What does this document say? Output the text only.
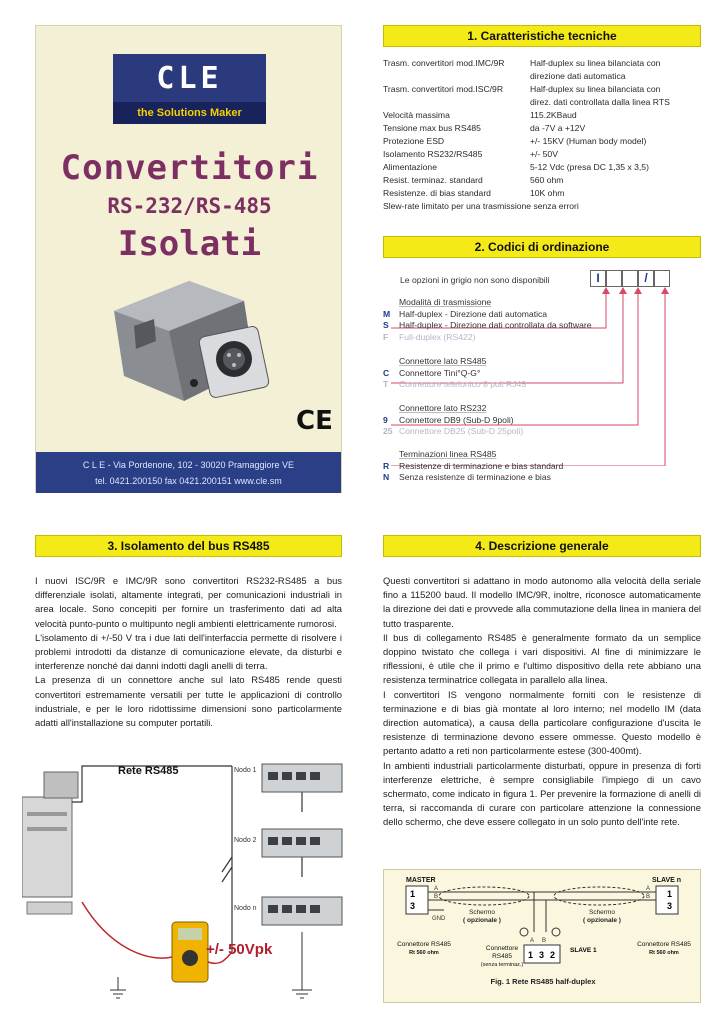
CLE
the Solutions Maker
Convertitori
RS-232/RS-485
Isolati
CE
C L E - Via Pordenone, 102 - 30020 Pramaggiore VE
tel. 0421.200150 fax 0421.200151 www.cle.sm
1. Caratteristiche tecniche
Trasm. convertitori mod.IMC/9R	Half-duplex su linea bilanciata con
direzione dati automatica
Trasm. convertitori mod.ISC/9R	Half-duplex su linea bilanciata con
direz. dati controllata dalla linea RTS
Velocità massima	115.2KBaud
Tensione max bus RS485	da -7V a +12V
Protezione ESD	+/- 15KV (Human body model)
Isolamento RS232/RS485	+/- 50V
Alimentazione	5-12 Vdc (presa DC 1,35 x 3,5)
Resist. terminaz. standard	560 ohm
Resistenze. di bias standard	10K ohm
Slew-rate limitato per una trasmissione senza errori
2. Codici di ordinazione
Le opzioni in grigio non sono disponibili	I	/
Modalità di trasmissione
M	Half-duplex - Direzione dati automatica
S	Half-duplex - Direzione dati controllata da software
F	Full-duplex (RS422)
Connettore lato RS485
C	Connettore Tini°Q-G°
T	Connettore telefonico 8 poli RJ45
Connettore lato RS232
9	Connettore DB9 (Sub-D 9poli)
25 Connettore DB25 (Sub-D 25poli)
Terminazioni linea RS485
R	Resistenze di terminazione e bias standard
N	Senza resistenze di terminazione e bias
3. Isolamento del bus RS485

I nuovi ISC/9R e IMC/9R sono convertitori RS232-RS485 a bus differenziale isolati, altamente integrati, per comunicazioni industriali in area locale. Sono concepiti per fornire un trasferimento dati ad alta velocità punto-punto o multipunto negli ambienti elettricamente rumorosi.

L'isolamento di +/-50 V tra i due lati dell'interfaccia permette di risolvere i problemi introdotti da distanze di comunicazione elevate, da disturbi e interferenze nonché dai danni indotti dagli anelli di terra.

La presenza di un connettore anche sul lato RS485 rende questi convertitori estremamente versatili per tutte le applicazioni di controllo industriale, e per le loro ridottissime dimensioni sono particolarmente adatti all'installazione su computer portatili.

Rete RS485	Nodo 1
Nodo 2
Nodo n
+/- 50Vpk
4. Descrizione generale

Questi convertitori si adattano in modo autonomo alla velocità della seriale fino a 115200 baud. Il modello IMC/9R, inoltre, riconosce automaticamente la direzione dei dati e provvede alla commutazione della linea in maniera del tutto trasparente.

Il bus di collegamento RS485 è generalmente formato da un semplice doppino twistato che collega i vari dispositivi. Al fine di minimizzare le riflessioni, è utile che il primo e l'ultimo dispositivo della rete abbiano una resistenza terminatrice collegata in parallelo alla linea.

I convertitori IS vengono normalmente forniti con le resistenze di terminazione e di bias già montate al loro interno; nel modello IM (data direction automatica), a causa della particolare configurazione d'uscita le resistenze di terminazione devono essere ommesse. Questo modello è pertanto adatto a reti non particolarmente estese (300-400mt).

In ambienti industriali particolarmente disturbati, oppure in presenza di forti interferenze elettriche, è sempre consigliabile l'impiego di un cavo schermato, come indicato in figura 1. Per prevenire la formazione di anelli di terra, si raccomanda di curare con particolare attenzione la connessione dello schermo, che deve essere collegato in un solo punto dell'inte rete.

MASTER	SLAVE n
1
3
1
3
A
B
GND
A
B
A B
Schermo
( opzionale )
Schermo
( opzionale )
1 3 2 SLAVE 1
Connettore RS485
Rt 560 ohm
Connettore
RS485
(senza terminaz.)
Connettore RS485
Rt 560 ohm
Fig. 1 Rete RS485 half-duplex
